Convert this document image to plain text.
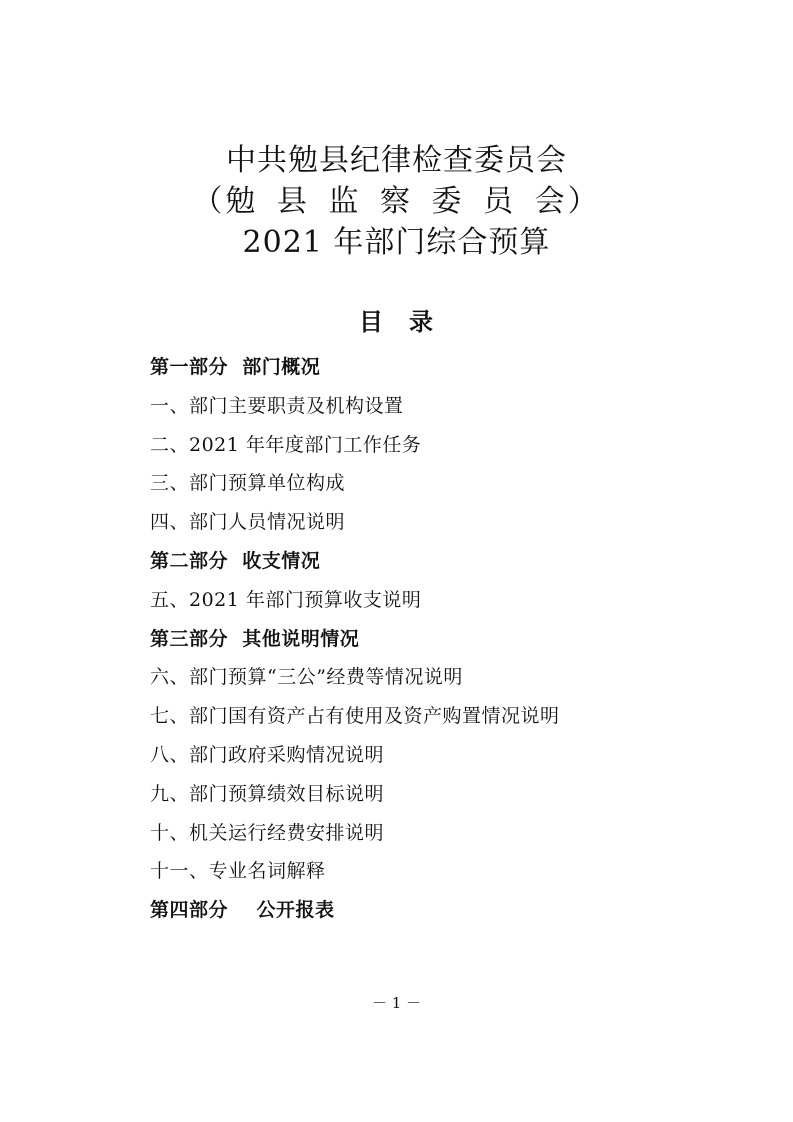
中共勉县纪律检查委员会
（勉 县 监 察 委 员 会）
2021 年部门综合预算
目　录
第一部分  部门概况
一、部门主要职责及机构设置
二、2021 年年度部门工作任务
三、部门预算单位构成
四、部门人员情况说明
第二部分  收支情况
五、2021 年部门预算收支说明
第三部分  其他说明情况
六、部门预算“三公”经费等情况说明
七、部门国有资产占有使用及资产购置情况说明
八、部门政府采购情况说明
九、部门预算绩效目标说明
十、机关运行经费安排说明
十一、专业名词解释
第四部分    公开报表
－ 1 －
